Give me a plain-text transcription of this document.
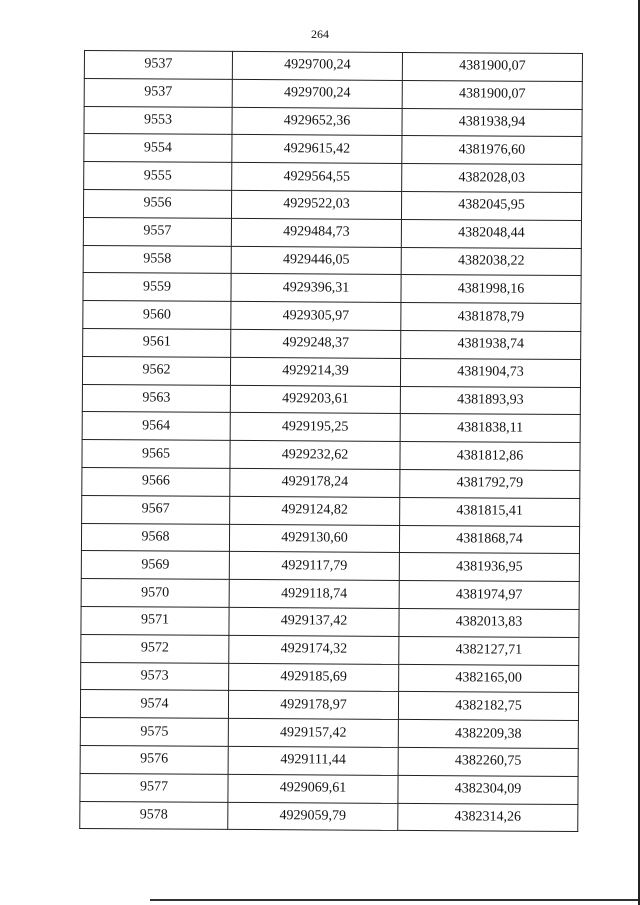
264
9537	4929700,24	4381900,07
9537	4929700,24	4381900,07
9553	4929652,36	4381938,94
9554	4929615,42	4381976,60
9555	4929564,55	4382028,03
9556	4929522,03	4382045,95
9557	4929484,73	4382048,44
9558	4929446,05	4382038,22
9559	4929396,31	4381998,16
9560	4929305,97	4381878,79
9561	4929248,37	4381938,74
9562	4929214,39	4381904,73
9563	4929203,61	4381893,93
9564	4929195,25	4381838,11
9565	4929232,62	4381812,86
9566	4929178,24	4381792,79
9567	4929124,82	4381815,41
9568	4929130,60	4381868,74
9569	4929117,79	4381936,95
9570	4929118,74	4381974,97
9571	4929137,42	4382013,83
9572	4929174,32	4382127,71
9573	4929185,69	4382165,00
9574	4929178,97	4382182,75
9575	4929157,42	4382209,38
9576	4929111,44	4382260,75
9577	4929069,61	4382304,09
9578	4929059,79	4382314,26
